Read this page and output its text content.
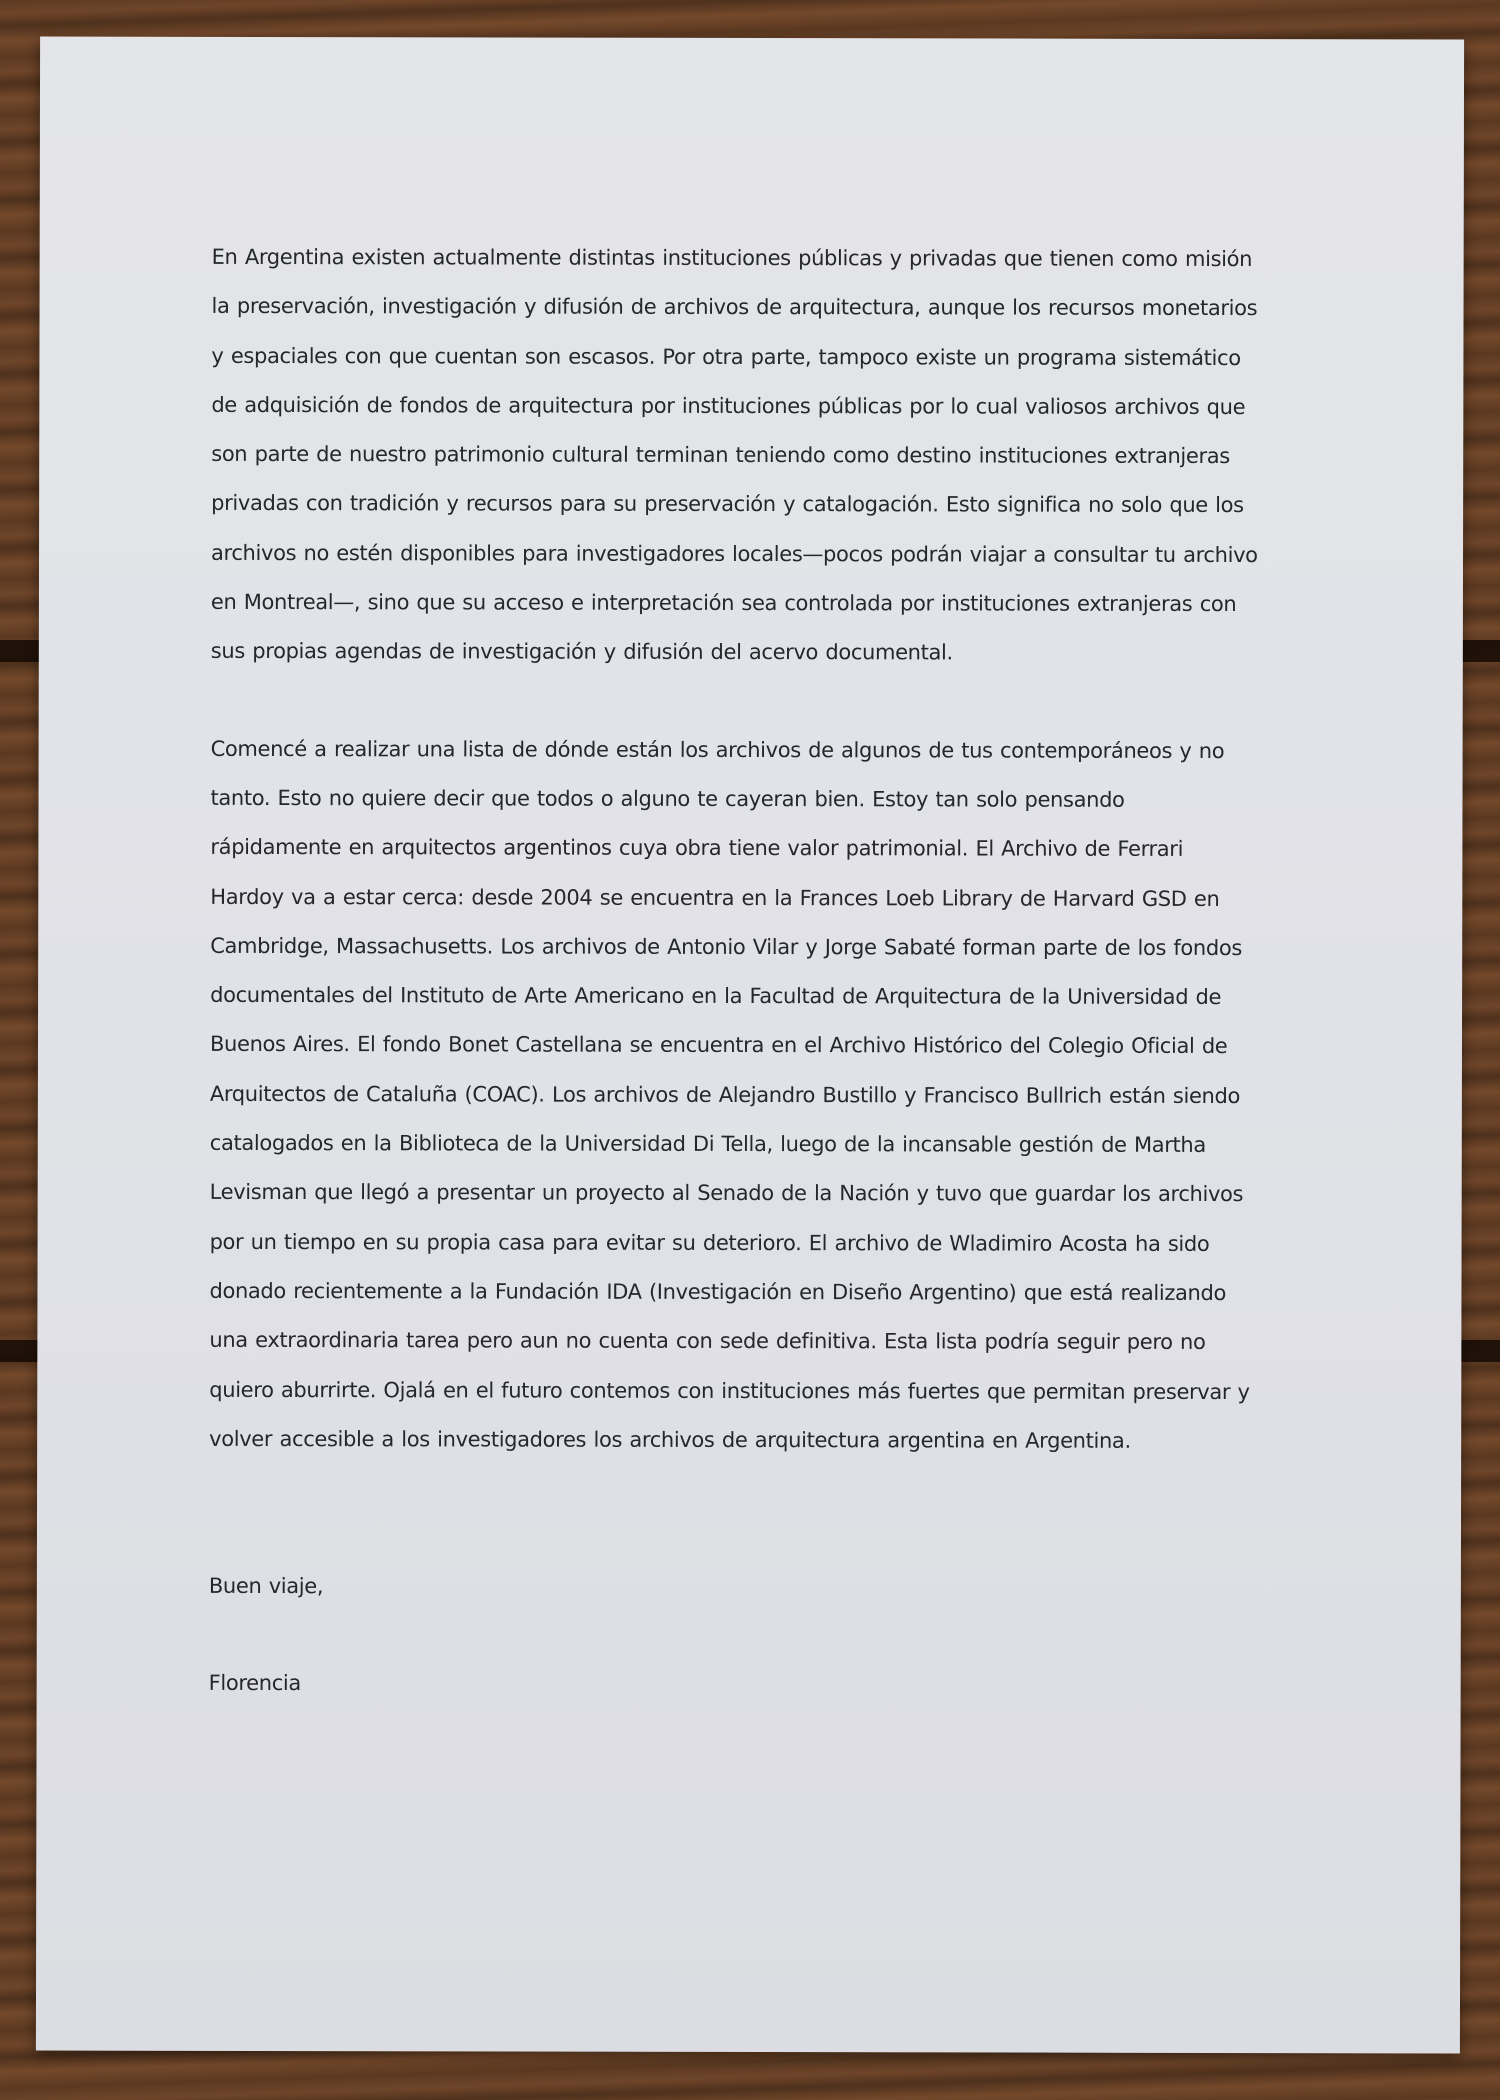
En Argentina existen actualmente distintas instituciones públicas y privadas que tienen como misión
la preservación, investigación y difusión de archivos de arquitectura, aunque los recursos monetarios
y espaciales con que cuentan son escasos. Por otra parte, tampoco existe un programa sistemático
de adquisición de fondos de arquitectura por instituciones públicas por lo cual valiosos archivos que
son parte de nuestro patrimonio cultural terminan teniendo como destino instituciones extranjeras
privadas con tradición y recursos para su preservación y catalogación. Esto significa no solo que los
archivos no estén disponibles para investigadores locales—pocos podrán viajar a consultar tu archivo
en Montreal—, sino que su acceso e interpretación sea controlada por instituciones extranjeras con
sus propias agendas de investigación y difusión del acervo documental.

Comencé a realizar una lista de dónde están los archivos de algunos de tus contemporáneos y no
tanto. Esto no quiere decir que todos o alguno te cayeran bien. Estoy tan solo pensando
rápidamente en arquitectos argentinos cuya obra tiene valor patrimonial. El Archivo de Ferrari
Hardoy va a estar cerca: desde 2004 se encuentra en la Frances Loeb Library de Harvard GSD en
Cambridge, Massachusetts. Los archivos de Antonio Vilar y Jorge Sabaté forman parte de los fondos
documentales del Instituto de Arte Americano en la Facultad de Arquitectura de la Universidad de
Buenos Aires. El fondo Bonet Castellana se encuentra en el Archivo Histórico del Colegio Oficial de
Arquitectos de Cataluña (COAC). Los archivos de Alejandro Bustillo y Francisco Bullrich están siendo
catalogados en la Biblioteca de la Universidad Di Tella, luego de la incansable gestión de Martha
Levisman que llegó a presentar un proyecto al Senado de la Nación y tuvo que guardar los archivos
por un tiempo en su propia casa para evitar su deterioro. El archivo de Wladimiro Acosta ha sido
donado recientemente a la Fundación IDA (Investigación en Diseño Argentino) que está realizando
una extraordinaria tarea pero aun no cuenta con sede definitiva. Esta lista podría seguir pero no
quiero aburrirte. Ojalá en el futuro contemos con instituciones más fuertes que permitan preservar y
volver accesible a los investigadores los archivos de arquitectura argentina en Argentina.

Buen viaje,

Florencia
